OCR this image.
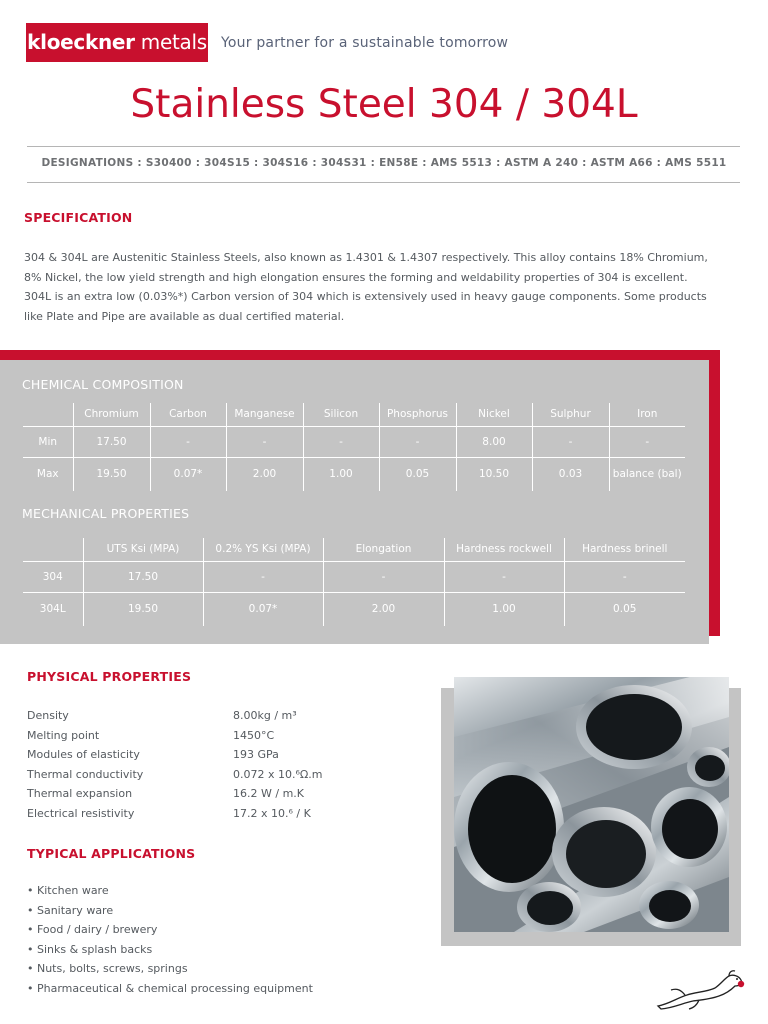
kloeckner metals Your partner for a sustainable tomorrow
Stainless Steel 304 / 304L
DESIGNATIONS : S30400 : 304S15 : 304S16 : 304S31 : EN58E : AMS 5513 : ASTM A 240 : ASTM A66 : AMS 5511
SPECIFICATION
304 & 304L are Austenitic Stainless Steels, also known as 1.4301 & 1.4307 respectively. This alloy contains 18% Chromium, 8% Nickel, the low yield strength and high elongation ensures the forming and weldability properties of 304 is excellent. 304L is an extra low (0.03%*) Carbon version of 304 which is extensively used in heavy gauge components. Some products like Plate and Pipe are available as dual certified material.
CHEMICAL COMPOSITION
	Chromium	Carbon	Manganese	Silicon	Phosphorus	Nickel	Sulphur	Iron
Min	17.50	-	-	-	-	8.00	-	-
Max	19.50	0.07*	2.00	1.00	0.05	10.50	0.03	balance (bal)
MECHANICAL PROPERTIES
	UTS Ksi (MPA)	0.2% YS Ksi (MPA)	Elongation	Hardness rockwell	Hardness brinell
304	17.50	-	-	-	-
304L	19.50	0.07*	2.00	1.00	0.05
PHYSICAL PROPERTIES
Density	8.00kg / m³
Melting point	1450°C
Modules of elasticity	193 GPa
Thermal conductivity	0.072 x 10.⁶Ω.m
Thermal expansion	16.2 W / m.K
Electrical resistivity	17.2 x 10.⁶ / K
TYPICAL APPLICATIONS
• Kitchen ware
• Sanitary ware
• Food / dairy / brewery
• Sinks & splash backs
• Nuts, bolts, screws, springs
• Pharmaceutical & chemical processing equipment
